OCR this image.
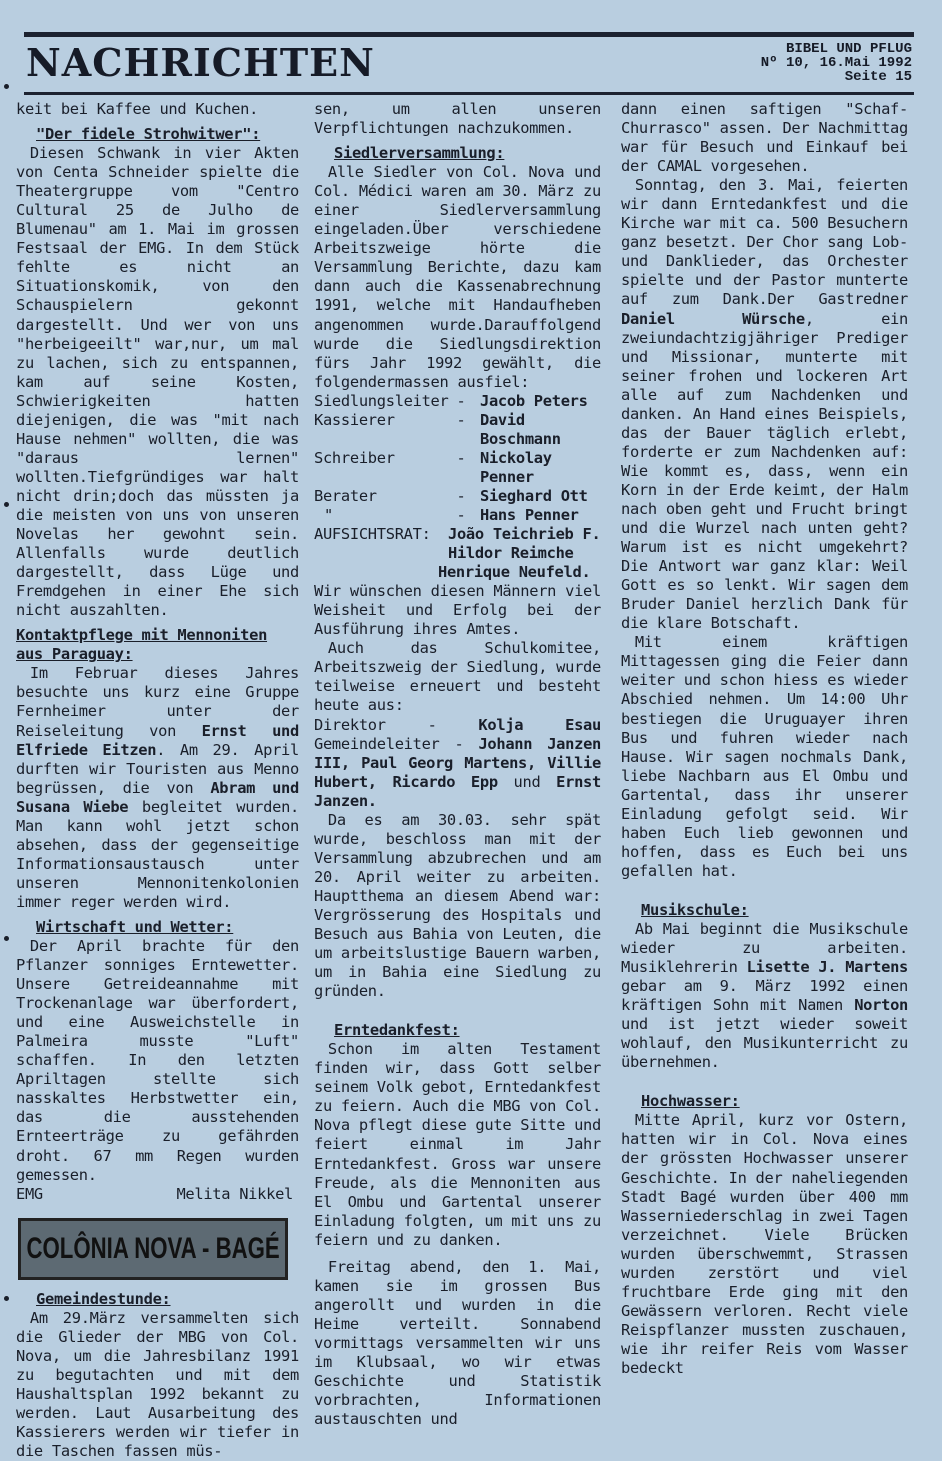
NACHRICHTEN	BIBEL UND PFLUG
Nº 10, 16.Mai 1992
Seite 15

keit bei Kaffee und Kuchen.

"Der fidele Strohwitwer":

Diesen Schwank in vier Akten von Centa Schneider spielte die Theatergruppe vom "Centro Cultural 25 de Julho de Blumenau" am 1. Mai im grossen Festsaal der EMG. In dem Stück fehlte es nicht an Situationskomik, von den Schauspielern gekonnt dargestellt. Und wer von uns "herbeigeeilt" war,nur, um mal zu lachen, sich zu entspannen, kam auf seine Kosten, Schwierigkeiten hatten diejenigen, die was "mit nach Hause nehmen" wollten, die was "daraus lernen" wollten.Tiefgründiges war halt nicht drin;doch das müssten ja die meisten von uns von unseren Novelas her gewohnt sein. Allenfalls wurde deutlich dargestellt, dass Lüge und Fremdgehen in einer Ehe sich nicht auszahlten.

Kontaktpflege mit Mennoniten aus Paraguay:

Im Februar dieses Jahres besuchte uns kurz eine Gruppe Fernheimer unter der Reiseleitung von Ernst und Elfriede Eitzen. Am 29. April durften wir Touristen aus Menno begrüssen, die von Abram und Susana Wiebe begleitet wurden. Man kann wohl jetzt schon absehen, dass der gegenseitige Informationsaustausch unter unseren Mennonitenkolonien immer reger werden wird.

Wirtschaft und Wetter:

Der April brachte für den Pflanzer sonniges Erntewetter. Unsere Getreideannahme mit Trockenanlage war überfordert, und eine Ausweichstelle in Palmeira musste "Luft" schaffen. In den letzten Apriltagen stellte sich nasskaltes Herbstwetter ein, das die ausstehenden Ernteerträge zu gefährden droht. 67 mm Regen wurden gemessen.

EMG	Melita Nikkel
COLÔNIA NOVA - BAGÉ
Gemeindestunde:

Am 29.März versammelten sich die Glieder der MBG von Col. Nova, um die Jahresbilanz 1991 zu begutachten und mit dem Haushaltsplan 1992 bekannt zu werden. Laut Ausarbeitung des Kassierers werden wir tiefer in die Taschen fassen müs-

sen, um allen unseren Verpflichtungen nachzukommen.

Siedlerversammlung:

Alle Siedler von Col. Nova und Col. Médici waren am 30. März zu einer Siedlerversammlung eingeladen.Über verschiedene Arbeitszweige hörte die Versammlung Berichte, dazu kam dann auch die Kassenabrechnung 1991, welche mit Handaufheben angenommen wurde.Darauffolgend wurde die Siedlungsdirektion fürs Jahr 1992 gewählt, die folgendermassen ausfiel:

Siedlungsleiter - Jacob Peters
Kassierer	- David Boschmann
Schreiber	- Nickolay Penner
Berater	- Sieghard Ott
"	- Hans Penner
AUFSICHTSRAT:	João Teichrieb F.
Hildor Reimche
Henrique Neufeld.

Wir wünschen diesen Männern viel Weisheit und Erfolg bei der Ausführung ihres Amtes.

Auch das Schulkomitee, Arbeitszweig der Siedlung, wurde teilweise erneuert und besteht heute aus:

Direktor - Kolja Esau Gemeindeleiter - Johann Janzen III, Paul Georg Martens, Villie Hubert, Ricardo Epp und Ernst Janzen.

Da es am 30.03. sehr spät wurde, beschloss man mit der Versammlung abzubrechen und am 20. April weiter zu arbeiten. Hauptthema an diesem Abend war: Vergrösserung des Hospitals und Besuch aus Bahia von Leuten, die um arbeitslustige Bauern warben, um in Bahia eine Siedlung zu gründen.

Erntedankfest:

Schon im alten Testament finden wir, dass Gott selber seinem Volk gebot, Erntedankfest zu feiern. Auch die MBG von Col. Nova pflegt diese gute Sitte und feiert einmal im Jahr Erntedankfest. Gross war unsere Freude, als die Mennoniten aus El Ombu und Gartental unserer Einladung folgten, um mit uns zu feiern und zu danken.

Freitag abend, den 1. Mai, kamen sie im grossen Bus angerollt und wurden in die Heime verteilt. Sonnabend vormittags versammelten wir uns im Klubsaal, wo wir etwas Geschichte und Statistik vorbrachten, Informationen austauschten und

dann einen saftigen "Schaf-Churrasco" assen. Der Nachmittag war für Besuch und Einkauf bei der CAMAL vorgesehen.

Sonntag, den 3. Mai, feierten wir dann Erntedankfest und die Kirche war mit ca. 500 Besuchern ganz besetzt. Der Chor sang Lob- und Danklieder, das Orchester spielte und der Pastor munterte auf zum Dank.Der Gastredner Daniel Würsche, ein zweiundachtzigjähriger Prediger und Missionar, munterte mit seiner frohen und lockeren Art alle auf zum Nachdenken und danken. An Hand eines Beispiels, das der Bauer täglich erlebt, forderte er zum Nachdenken auf: Wie kommt es, dass, wenn ein Korn in der Erde keimt, der Halm nach oben geht und Frucht bringt und die Wurzel nach unten geht? Warum ist es nicht umgekehrt? Die Antwort war ganz klar: Weil Gott es so lenkt. Wir sagen dem Bruder Daniel herzlich Dank für die klare Botschaft.

Mit einem kräftigen Mittagessen ging die Feier dann weiter und schon hiess es wieder Abschied nehmen. Um 14:00 Uhr bestiegen die Uruguayer ihren Bus und fuhren wieder nach Hause. Wir sagen nochmals Dank, liebe Nachbarn aus El Ombu und Gartental, dass ihr unserer Einladung gefolgt seid. Wir haben Euch lieb gewonnen und hoffen, dass es Euch bei uns gefallen hat.

Musikschule:

Ab Mai beginnt die Musikschule wieder zu arbeiten. Musiklehrerin Lisette J. Martens gebar am 9. März 1992 einen kräftigen Sohn mit Namen Norton und ist jetzt wieder soweit wohlauf, den Musikunterricht zu übernehmen.

Hochwasser:

Mitte April, kurz vor Ostern, hatten wir in Col. Nova eines der grössten Hochwasser unserer Geschichte. In der naheliegenden Stadt Bagé wurden über 400 mm Wasserniederschlag in zwei Tagen verzeichnet. Viele Brücken wurden überschwemmt, Strassen wurden zerstört und viel fruchtbare Erde ging mit den Gewässern verloren. Recht viele Reispflanzer mussten zuschauen, wie ihr reifer Reis vom Wasser bedeckt
